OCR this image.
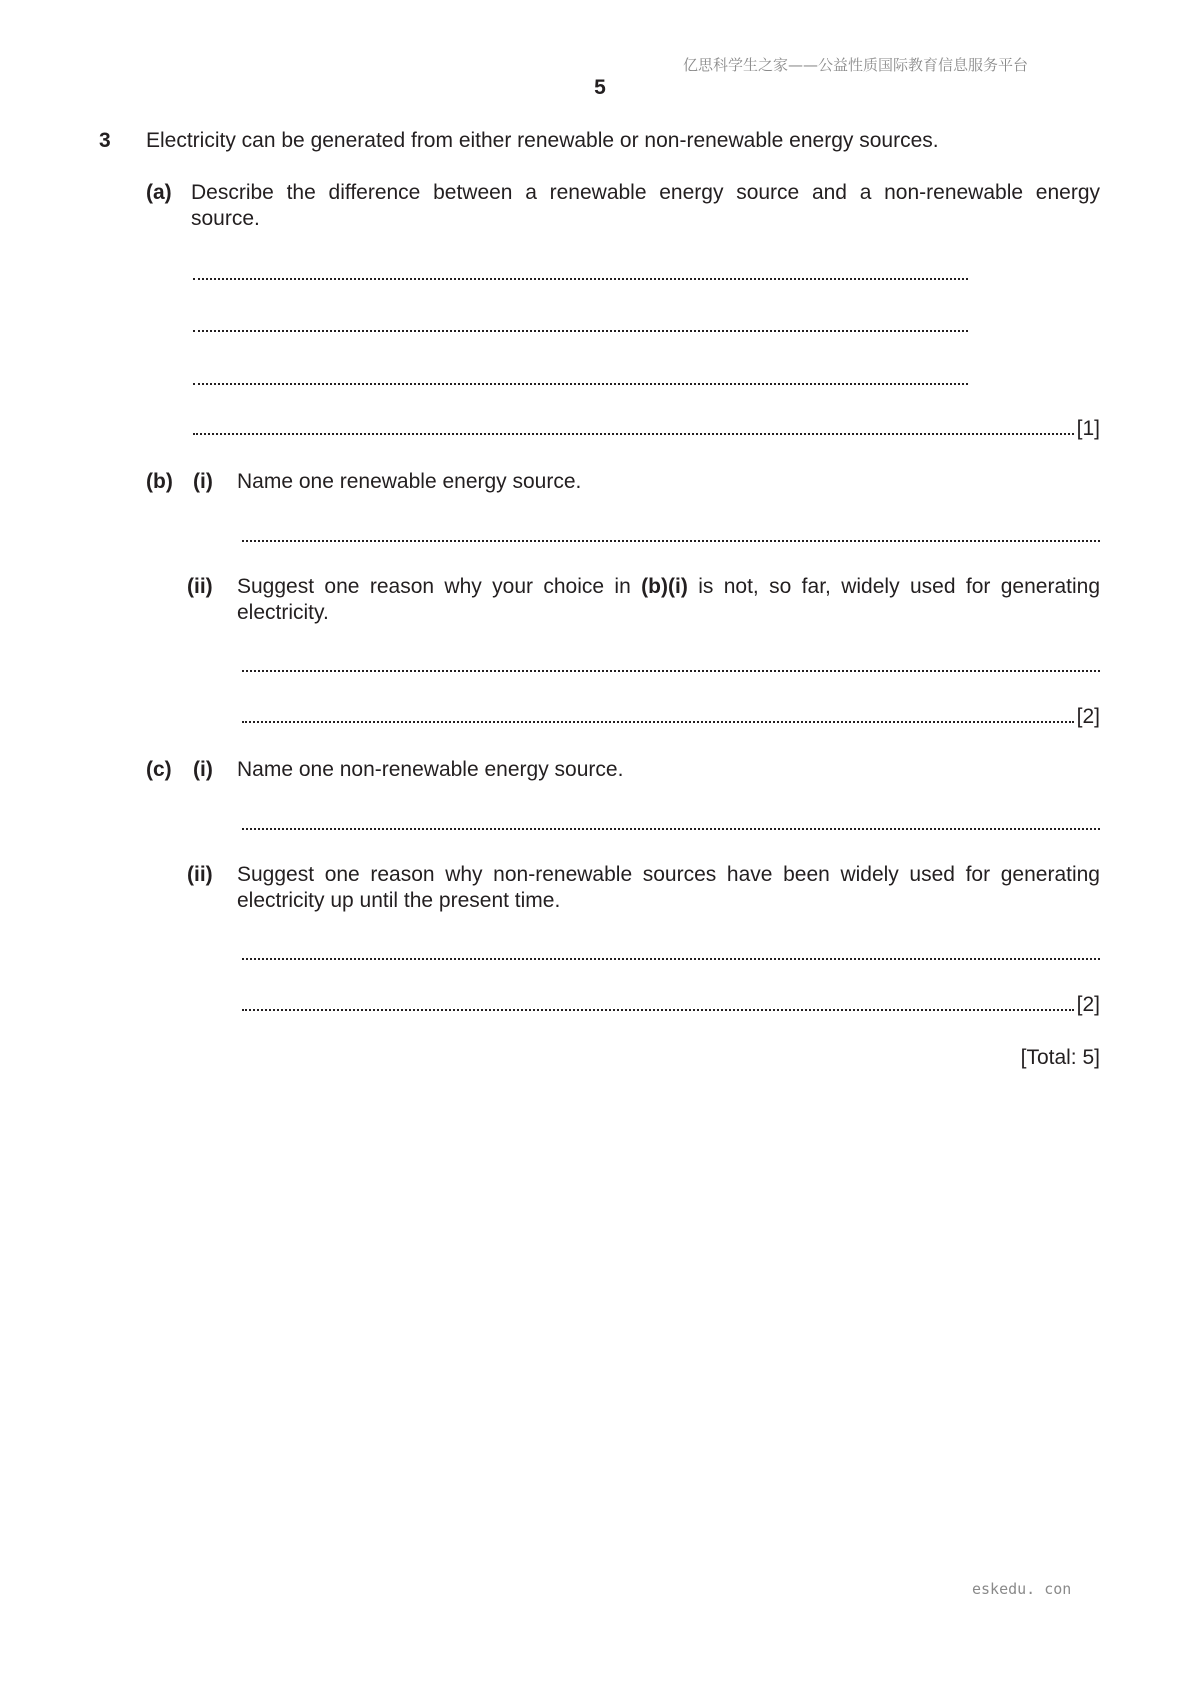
亿思科学生之家——公益性质国际教育信息服务平台
5
3 Electricity can be generated from either renewable or non-renewable energy sources.
(a) Describe the difference between a renewable energy source and a non-renewable energy
source.
[1]
(b) (i) Name one renewable energy source.
(ii) Suggest one reason why your choice in (b)(i) is not, so far, widely used for generating
electricity.
[2]
(c) (i) Name one non-renewable energy source.
(ii) Suggest one reason why non-renewable sources have been widely used for generating
electricity up until the present time.
[2]
[Total: 5]
eskedu. con
